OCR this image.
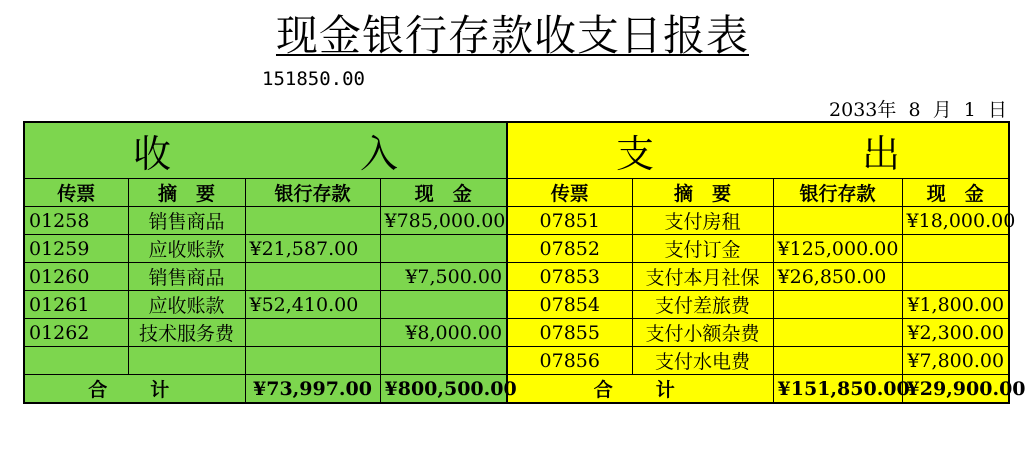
现金银行存款收支日报表
151850.00
2033年 8 月 1 日
收 入				支 出			

传票	摘　要	银行存款	现　金	传票	摘　要	银行存款	现　金
01258	销售商品		¥785,000.00	07851	支付房租		¥18,000.00
01259	应收账款	¥21,587.00		07852	支付订金	¥125,000.00	
01260	销售商品		¥7,500.00	07853	支付本月社保	¥26,850.00	
01261	应收账款	¥52,410.00		07854	支付差旅费		¥1,800.00
01262	技术服务费		¥8,000.00	07855	支付小额杂费		¥2,300.00
				07856	支付水电费		¥7,800.00
合　计		¥73,997.00	¥800,500.00	合　计		¥151,850.00	¥29,900.00
